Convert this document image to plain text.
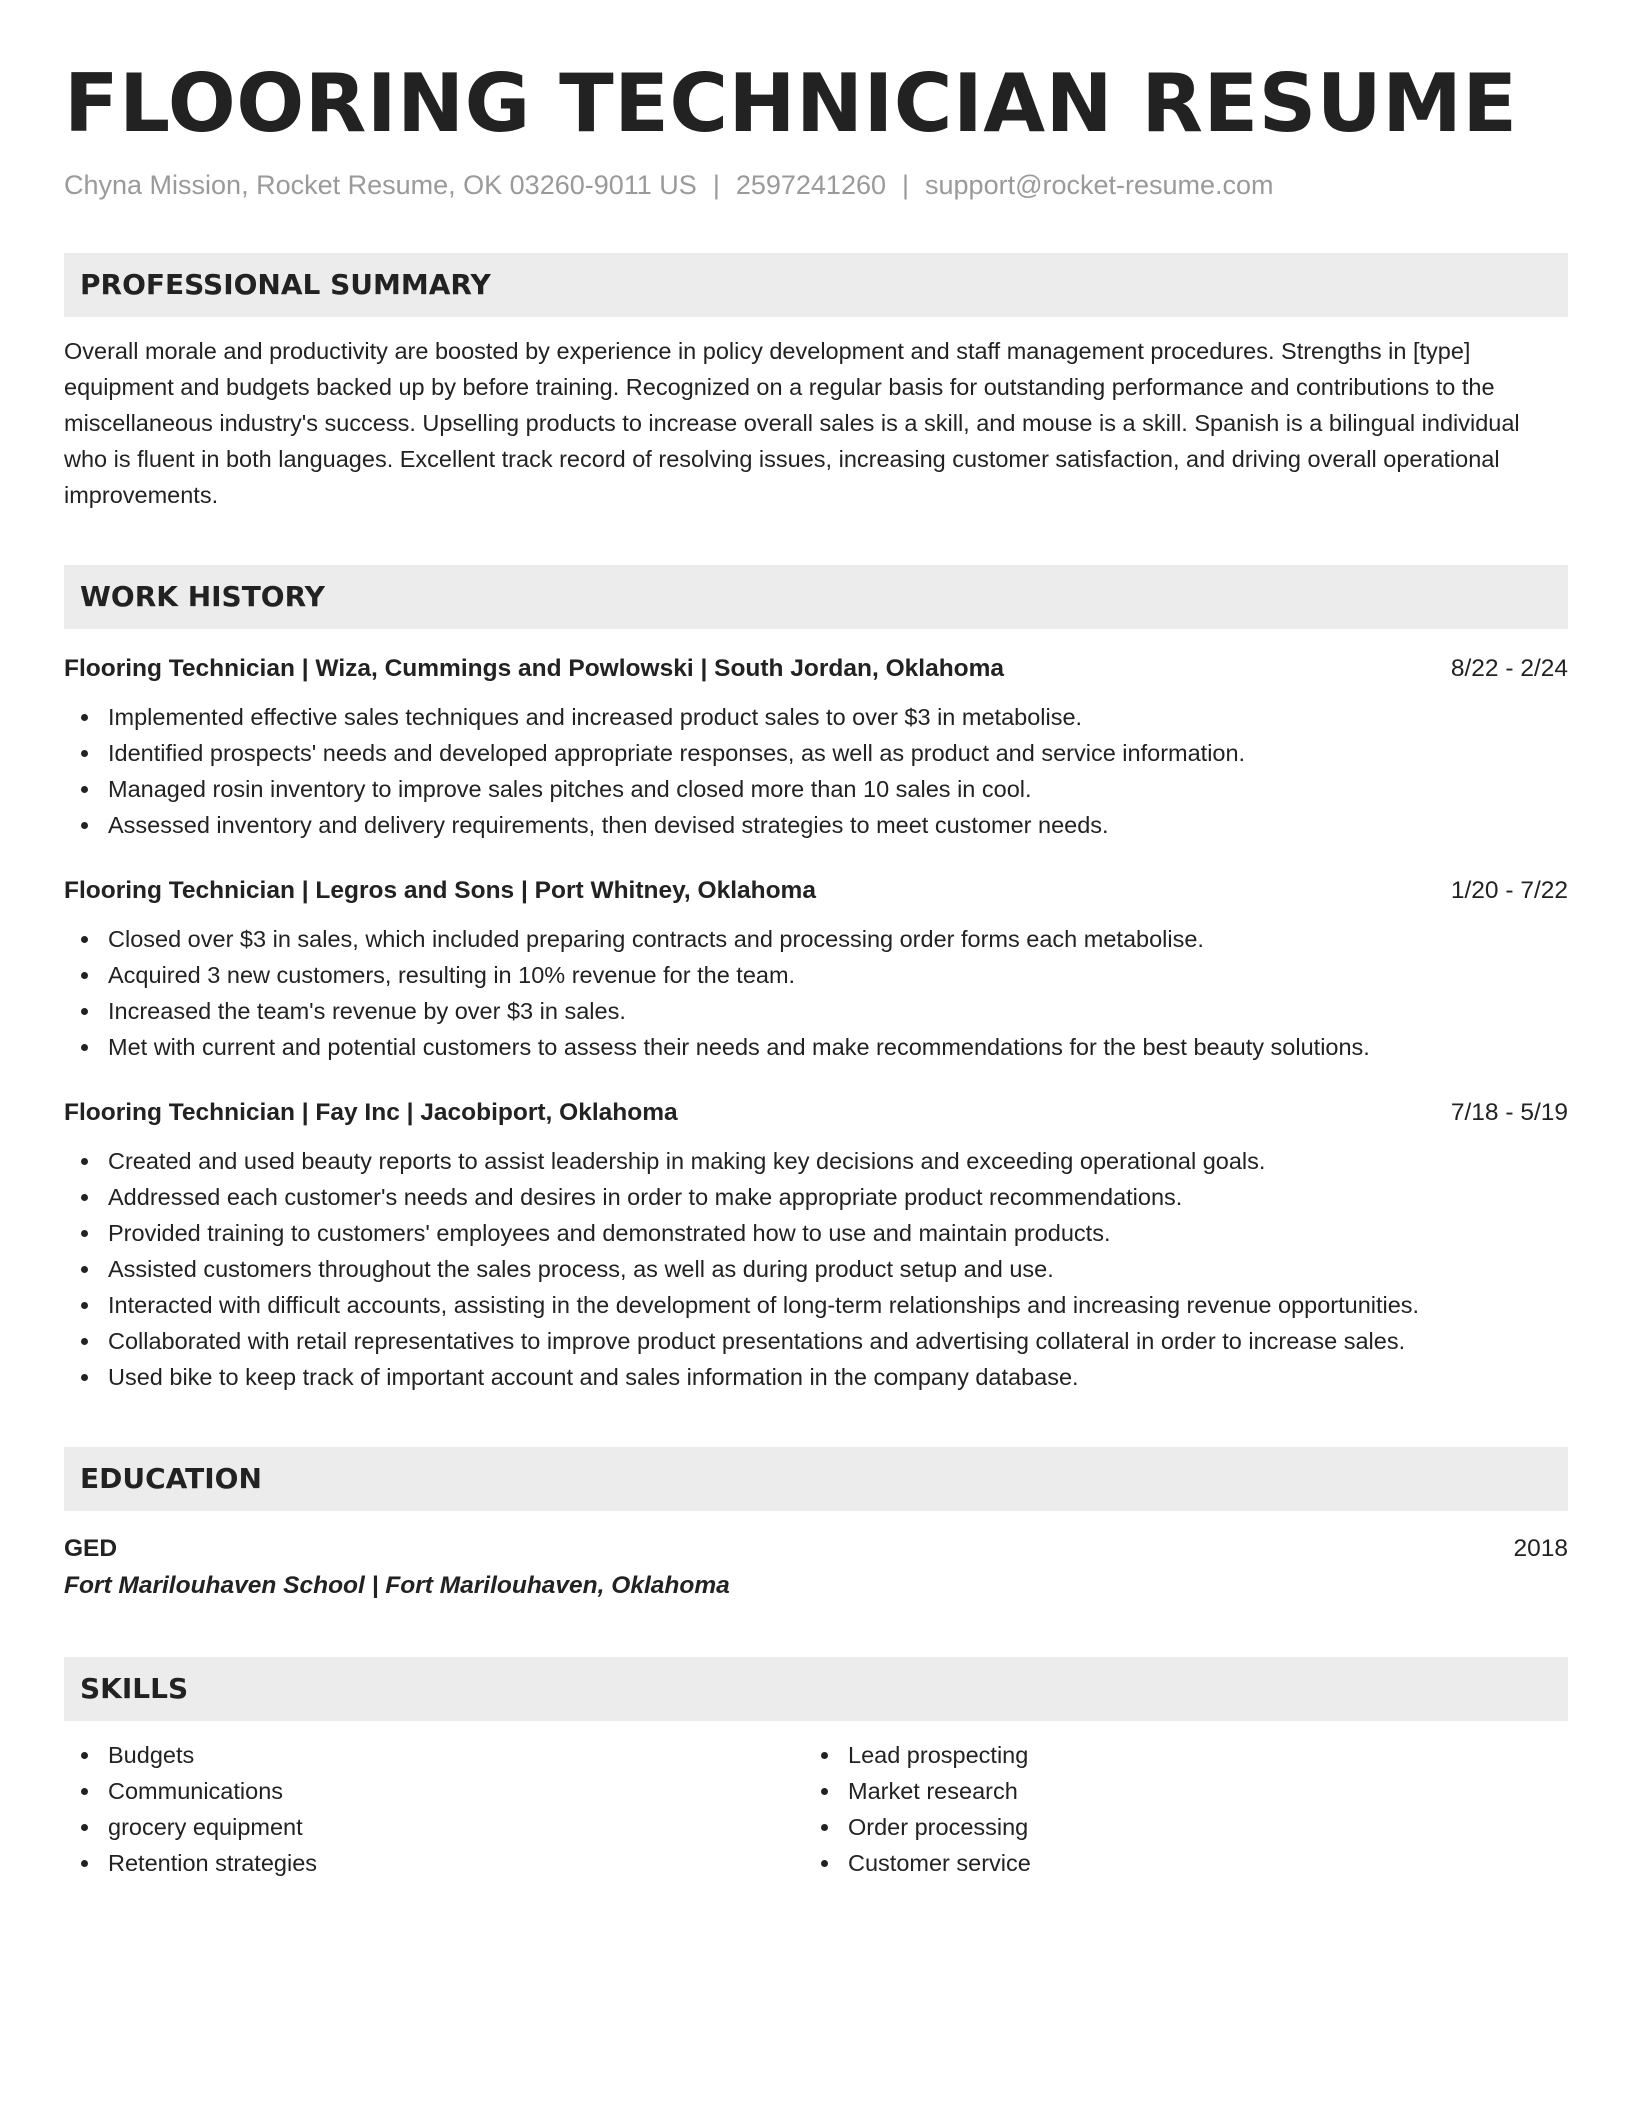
FLOORING TECHNICIAN RESUME
Chyna Mission, Rocket Resume, OK 03260-9011 US | 2597241260 | support@rocket-resume.com
PROFESSIONAL SUMMARY
Overall morale and productivity are boosted by experience in policy development and staff management procedures. Strengths in [type] equipment and budgets backed up by before training. Recognized on a regular basis for outstanding performance and contributions to the miscellaneous industry's success. Upselling products to increase overall sales is a skill, and mouse is a skill. Spanish is a bilingual individual who is fluent in both languages. Excellent track record of resolving issues, increasing customer satisfaction, and driving overall operational improvements.
WORK HISTORY
Flooring Technician | Wiza, Cummings and Powlowski | South Jordan, Oklahoma	8/22 - 2/24
Implemented effective sales techniques and increased product sales to over $3 in metabolise.
Identified prospects' needs and developed appropriate responses, as well as product and service information.
Managed rosin inventory to improve sales pitches and closed more than 10 sales in cool.
Assessed inventory and delivery requirements, then devised strategies to meet customer needs.
Flooring Technician | Legros and Sons | Port Whitney, Oklahoma	1/20 - 7/22
Closed over $3 in sales, which included preparing contracts and processing order forms each metabolise.
Acquired 3 new customers, resulting in 10% revenue for the team.
Increased the team's revenue by over $3 in sales.
Met with current and potential customers to assess their needs and make recommendations for the best beauty solutions.
Flooring Technician | Fay Inc | Jacobiport, Oklahoma	7/18 - 5/19
Created and used beauty reports to assist leadership in making key decisions and exceeding operational goals.
Addressed each customer's needs and desires in order to make appropriate product recommendations.
Provided training to customers' employees and demonstrated how to use and maintain products.
Assisted customers throughout the sales process, as well as during product setup and use.
Interacted with difficult accounts, assisting in the development of long-term relationships and increasing revenue opportunities.
Collaborated with retail representatives to improve product presentations and advertising collateral in order to increase sales.
Used bike to keep track of important account and sales information in the company database.
EDUCATION
GED	2018
Fort Marilouhaven School | Fort Marilouhaven, Oklahoma
SKILLS
Budgets
Communications
grocery equipment
Retention strategies
Lead prospecting
Market research
Order processing
Customer service
